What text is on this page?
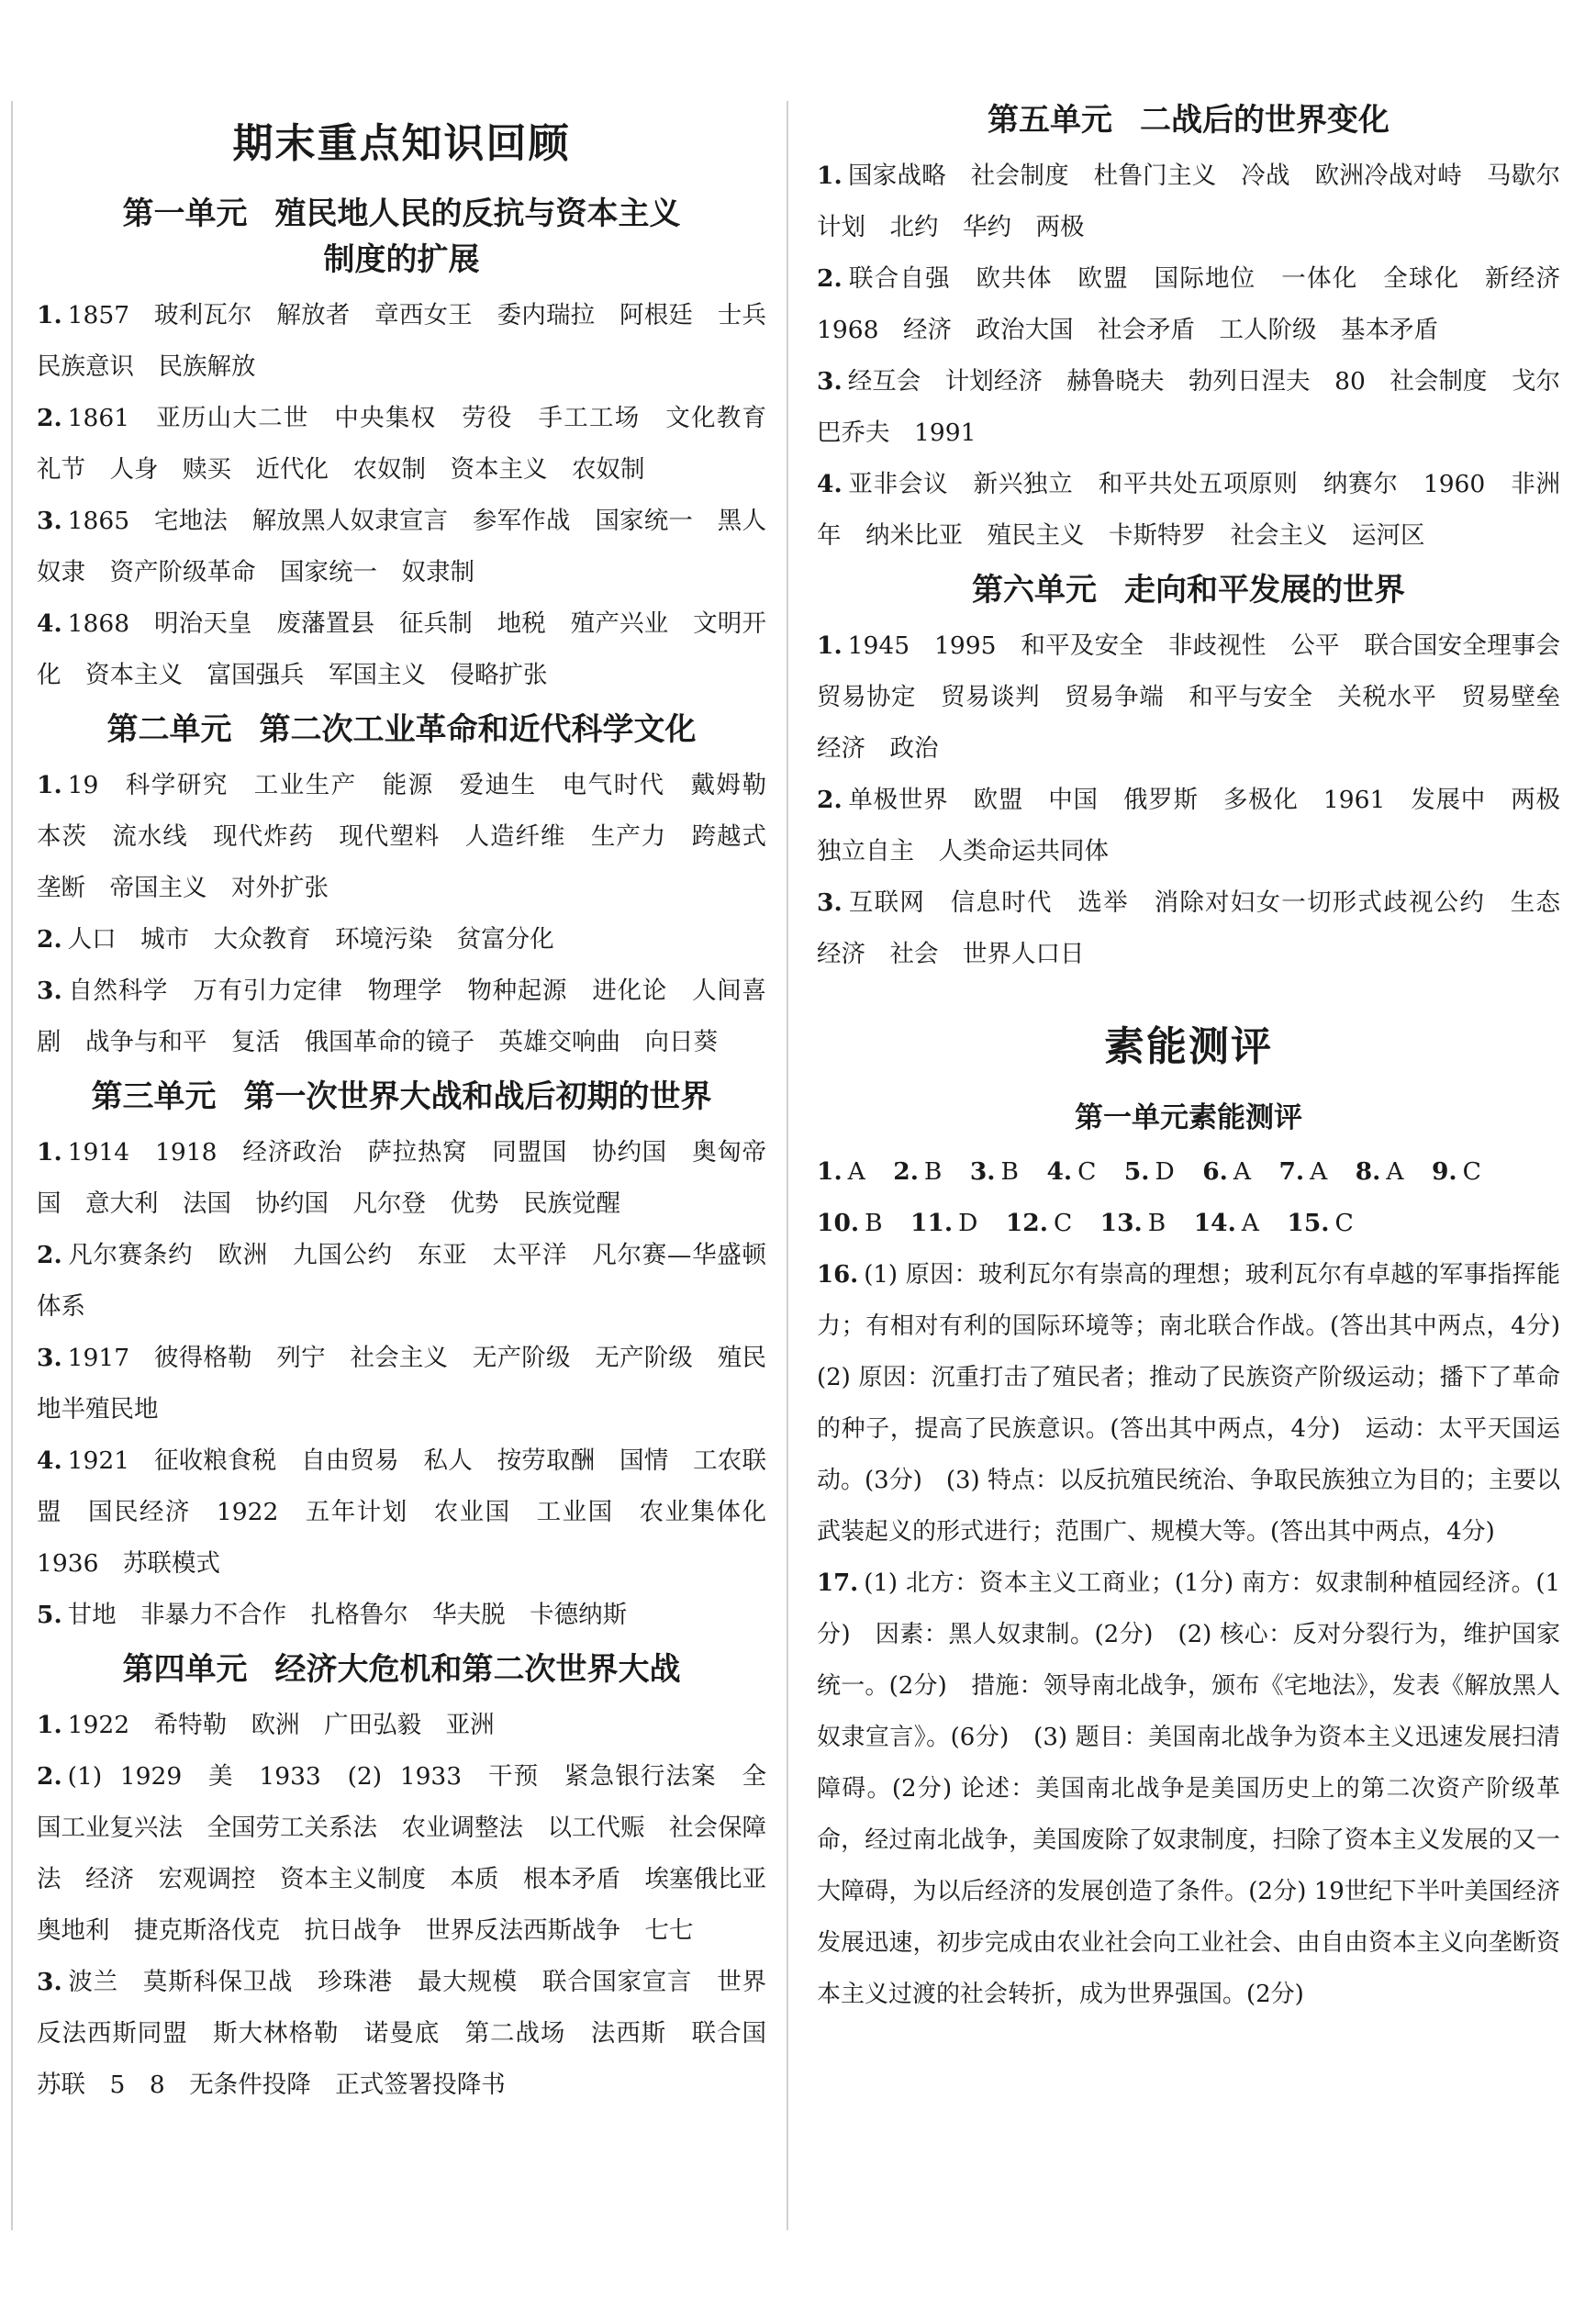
期末重点知识回顾
第一单元 殖民地人民的反抗与资本主义
制度的扩展

1. 1857　玻利瓦尔　解放者　章西女王　委内瑞拉　阿根廷　士兵　民族意识　民族解放

2. 1861　亚历山大二世　中央集权　劳役　手工工场　文化教育　礼节　人身　赎买　近代化　农奴制　资本主义　农奴制

3. 1865　宅地法　解放黑人奴隶宣言　参军作战　国家统一　黑人奴隶　资产阶级革命　国家统一　奴隶制

4. 1868　明治天皇　废藩置县　征兵制　地税　殖产兴业　文明开化　资本主义　富国强兵　军国主义　侵略扩张

第二单元 第二次工业革命和近代科学文化

1. 19　科学研究　工业生产　能源　爱迪生　电气时代　戴姆勒　本茨　流水线　现代炸药　现代塑料　人造纤维　生产力　跨越式　垄断　帝国主义　对外扩张

2. 人口　城市　大众教育　环境污染　贫富分化

3. 自然科学　万有引力定律　物理学　物种起源　进化论　人间喜剧　战争与和平　复活　俄国革命的镜子　英雄交响曲　向日葵

第三单元 第一次世界大战和战后初期的世界

1. 1914　1918　经济政治　萨拉热窝　同盟国　协约国　奥匈帝国　意大利　法国　协约国　凡尔登　优势　民族觉醒

2. 凡尔赛条约　欧洲　九国公约　东亚　太平洋　凡尔赛—华盛顿体系

3. 1917　彼得格勒　列宁　社会主义　无产阶级　无产阶级　殖民地半殖民地

4. 1921　征收粮食税　自由贸易　私人　按劳取酬　国情　工农联盟　国民经济　1922　五年计划　农业国　工业国　农业集体化　1936　苏联模式

5. 甘地　非暴力不合作　扎格鲁尔　华夫脱　卡德纳斯

第四单元 经济大危机和第二次世界大战

1. 1922　希特勒　欧洲　广田弘毅　亚洲

2. (1) 1929　美　1933　(2) 1933　干预　紧急银行法案　全国工业复兴法　全国劳工关系法　农业调整法　以工代赈　社会保障法　经济　宏观调控　资本主义制度　本质　根本矛盾　埃塞俄比亚　奥地利　捷克斯洛伐克　抗日战争　世界反法西斯战争　七七

3. 波兰　莫斯科保卫战　珍珠港　最大规模　联合国家宣言　世界反法西斯同盟　斯大林格勒　诺曼底　第二战场　法西斯　联合国　苏联　5　8　无条件投降　正式签署投降书

第五单元 二战后的世界变化

1. 国家战略　社会制度　杜鲁门主义　冷战　欧洲冷战对峙　马歇尔计划　北约　华约　两极

2. 联合自强　欧共体　欧盟　国际地位　一体化　全球化　新经济　1968　经济　政治大国　社会矛盾　工人阶级　基本矛盾

3. 经互会　计划经济　赫鲁晓夫　勃列日涅夫　80　社会制度　戈尔巴乔夫　1991

4. 亚非会议　新兴独立　和平共处五项原则　纳赛尔　1960　非洲年　纳米比亚　殖民主义　卡斯特罗　社会主义　运河区

第六单元 走向和平发展的世界

1. 1945　1995　和平及安全　非歧视性　公平　联合国安全理事会　贸易协定　贸易谈判　贸易争端　和平与安全　关税水平　贸易壁垒　经济　政治

2. 单极世界　欧盟　中国　俄罗斯　多极化　1961　发展中　两极　独立自主　人类命运共同体

3. 互联网　信息时代　选举　消除对妇女一切形式歧视公约　生态　经济　社会　世界人口日

素能测评
第一单元素能测评

1. A 2. B 3. B 4. C 5. D 6. A 7. A 8. A 9. C

10. B 11. D 12. C 13. B 14. A 15. C

16. (1) 原因：玻利瓦尔有崇高的理想；玻利瓦尔有卓越的军事指挥能力；有相对有利的国际环境等；南北联合作战。(答出其中两点，4分)　(2) 原因：沉重打击了殖民者；推动了民族资产阶级运动；播下了革命的种子，提高了民族意识。(答出其中两点，4分)　运动：太平天国运动。(3分)　(3) 特点：以反抗殖民统治、争取民族独立为目的；主要以武装起义的形式进行；范围广、规模大等。(答出其中两点，4分)

17. (1) 北方：资本主义工商业；(1分) 南方：奴隶制种植园经济。(1分)　因素：黑人奴隶制。(2分)　(2) 核心：反对分裂行为，维护国家统一。(2分)　措施：领导南北战争，颁布《宅地法》，发表《解放黑人奴隶宣言》。(6分)　(3) 题目：美国南北战争为资本主义迅速发展扫清障碍。(2分) 论述：美国南北战争是美国历史上的第二次资产阶级革命，经过南北战争，美国废除了奴隶制度，扫除了资本主义发展的又一大障碍，为以后经济的发展创造了条件。(2分) 19世纪下半叶美国经济发展迅速，初步完成由农业社会向工业社会、由自由资本主义向垄断资本主义过渡的社会转折，成为世界强国。(2分)
